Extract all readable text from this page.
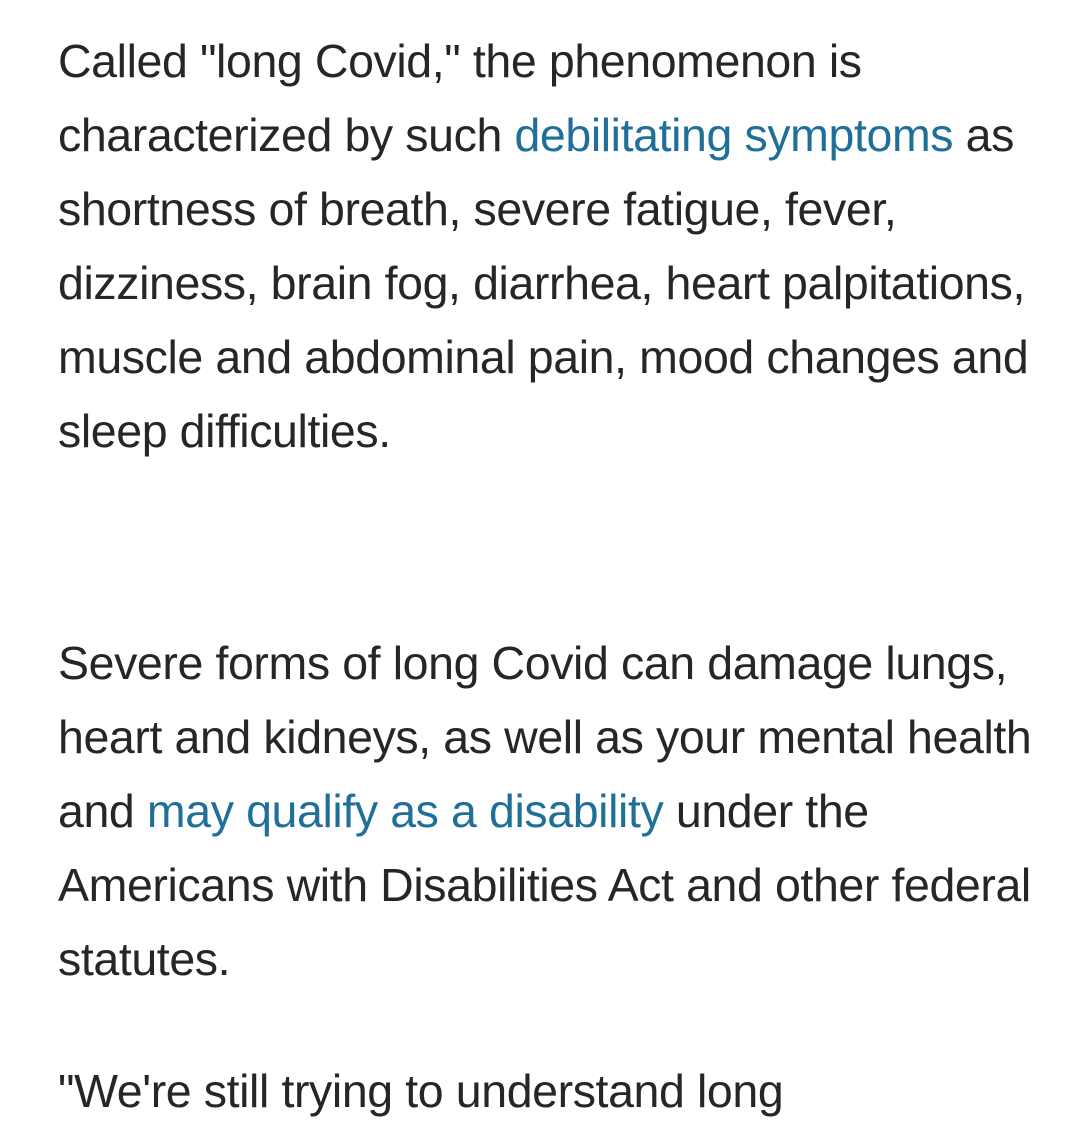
Called "long Covid," the phenomenon is characterized by such debilitating symptoms as shortness of breath, severe fatigue, fever, dizziness, brain fog, diarrhea, heart palpitations, muscle and abdominal pain, mood changes and sleep difficulties.

Severe forms of long Covid can damage lungs, heart and kidneys, as well as your mental health and may qualify as a disability under the Americans with Disabilities Act and other federal statutes.

"We're still trying to understand long
